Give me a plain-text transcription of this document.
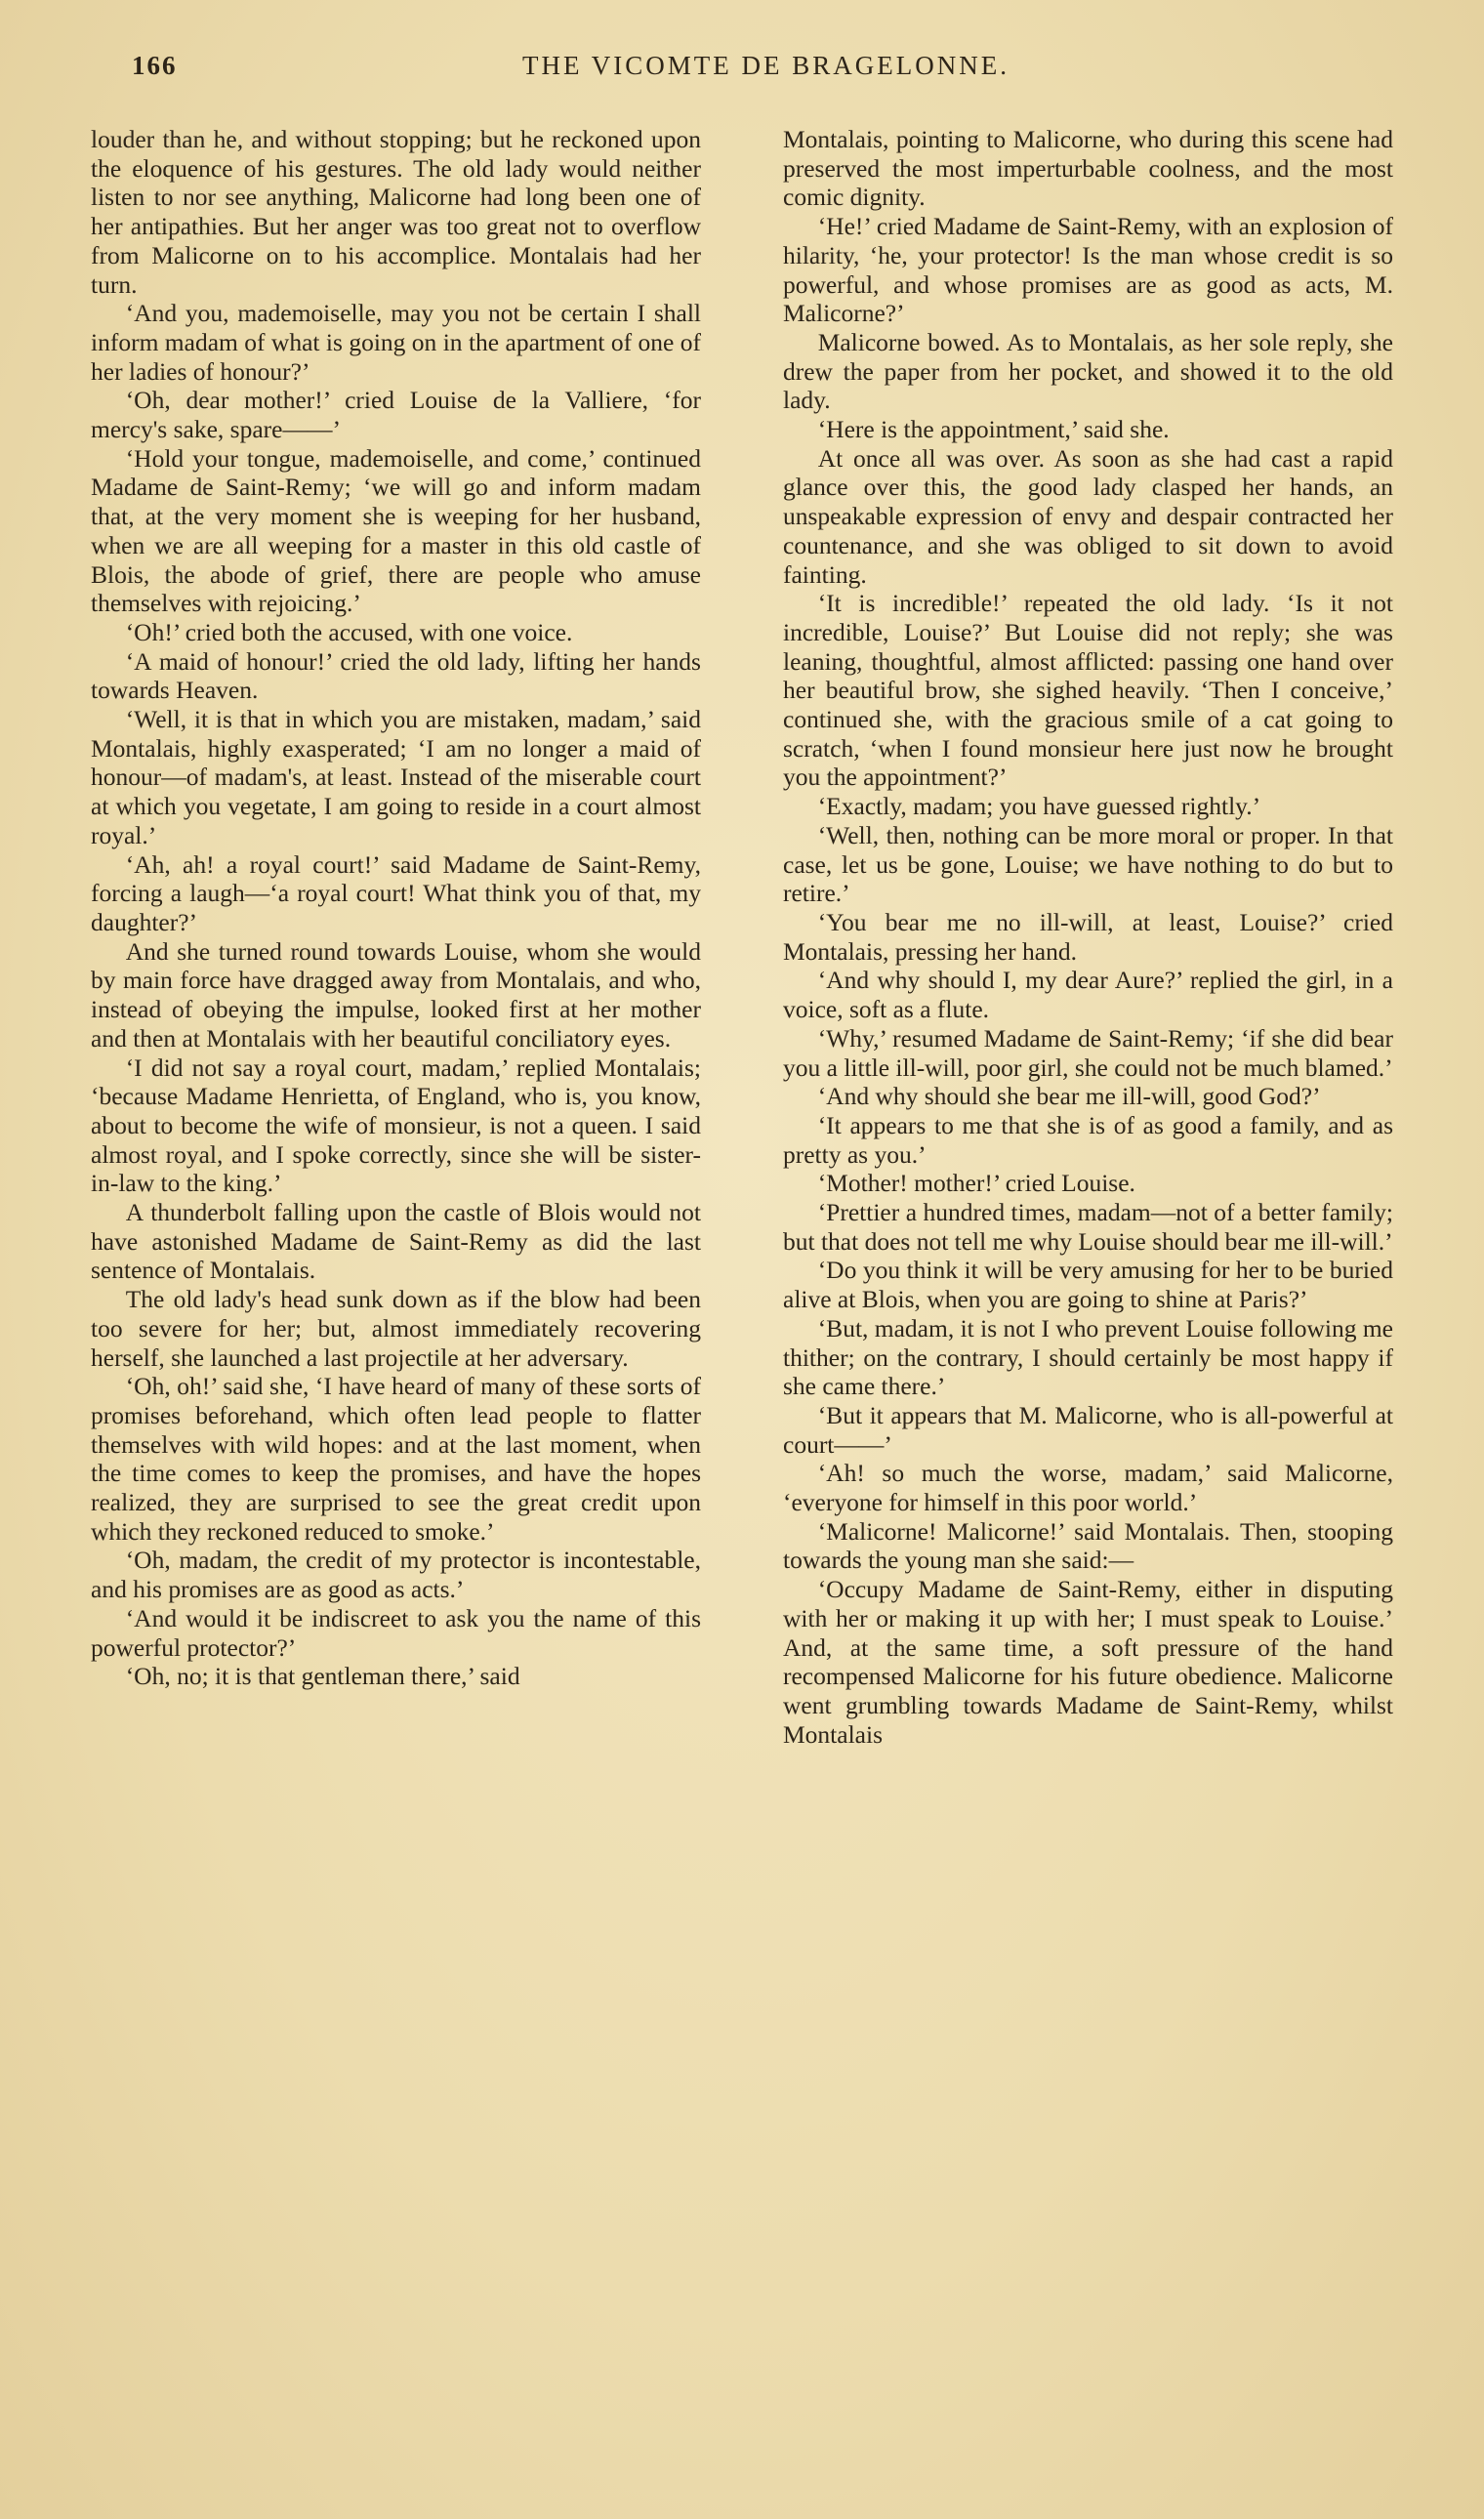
166	THE VICOMTE DE BRAGELONNE.

louder than he, and without stopping; but he reckoned upon the eloquence of his gestures. The old lady would neither listen to nor see anything, Malicorne had long been one of her antipathies. But her anger was too great not to overflow from Malicorne on to his accomplice. Montalais had her turn.

‘And you, mademoiselle, may you not be certain I shall inform madam of what is going on in the apartment of one of her ladies of honour?’

‘Oh, dear mother!’ cried Louise de la Valliere, ‘for mercy's sake, spare——’

‘Hold your tongue, mademoiselle, and come,’ continued Madame de Saint-Remy; ‘we will go and inform madam that, at the very moment she is weeping for her husband, when we are all weeping for a master in this old castle of Blois, the abode of grief, there are people who amuse themselves with rejoicing.’

‘Oh!’ cried both the accused, with one voice.

‘A maid of honour!’ cried the old lady, lifting her hands towards Heaven.

‘Well, it is that in which you are mistaken, madam,’ said Montalais, highly exasperated; ‘I am no longer a maid of honour—of madam's, at least. Instead of the miserable court at which you vegetate, I am going to reside in a court almost royal.’

‘Ah, ah! a royal court!’ said Madame de Saint-Remy, forcing a laugh—‘a royal court! What think you of that, my daughter?’

And she turned round towards Louise, whom she would by main force have dragged away from Montalais, and who, instead of obeying the impulse, looked first at her mother and then at Montalais with her beautiful conciliatory eyes.

‘I did not say a royal court, madam,’ replied Montalais; ‘because Madame Henrietta, of England, who is, you know, about to become the wife of monsieur, is not a queen. I said almost royal, and I spoke correctly, since she will be sister-in-law to the king.’

A thunderbolt falling upon the castle of Blois would not have astonished Madame de Saint-Remy as did the last sentence of Montalais.

The old lady's head sunk down as if the blow had been too severe for her; but, almost immediately recovering herself, she launched a last projectile at her adversary.

‘Oh, oh!’ said she, ‘I have heard of many of these sorts of promises beforehand, which often lead people to flatter themselves with wild hopes: and at the last moment, when the time comes to keep the promises, and have the hopes realized, they are surprised to see the great credit upon which they reckoned reduced to smoke.’

‘Oh, madam, the credit of my protector is incontestable, and his promises are as good as acts.’

‘And would it be indiscreet to ask you the name of this powerful protector?’

‘Oh, no; it is that gentleman there,’ said

Montalais, pointing to Malicorne, who during this scene had preserved the most imperturbable coolness, and the most comic dignity.

‘He!’ cried Madame de Saint-Remy, with an explosion of hilarity, ‘he, your protector! Is the man whose credit is so powerful, and whose promises are as good as acts, M. Malicorne?’

Malicorne bowed. As to Montalais, as her sole reply, she drew the paper from her pocket, and showed it to the old lady.

‘Here is the appointment,’ said she.

At once all was over. As soon as she had cast a rapid glance over this, the good lady clasped her hands, an unspeakable expression of envy and despair contracted her countenance, and she was obliged to sit down to avoid fainting.

‘It is incredible!’ repeated the old lady. ‘Is it not incredible, Louise?’ But Louise did not reply; she was leaning, thoughtful, almost afflicted: passing one hand over her beautiful brow, she sighed heavily. ‘Then I conceive,’ continued she, with the gracious smile of a cat going to scratch, ‘when I found monsieur here just now he brought you the appointment?’

‘Exactly, madam; you have guessed rightly.’

‘Well, then, nothing can be more moral or proper. In that case, let us be gone, Louise; we have nothing to do but to retire.’

‘You bear me no ill-will, at least, Louise?’ cried Montalais, pressing her hand.

‘And why should I, my dear Aure?’ replied the girl, in a voice, soft as a flute.

‘Why,’ resumed Madame de Saint-Remy; ‘if she did bear you a little ill-will, poor girl, she could not be much blamed.’

‘And why should she bear me ill-will, good God?’

‘It appears to me that she is of as good a family, and as pretty as you.’

‘Mother! mother!’ cried Louise.

‘Prettier a hundred times, madam—not of a better family; but that does not tell me why Louise should bear me ill-will.’

‘Do you think it will be very amusing for her to be buried alive at Blois, when you are going to shine at Paris?’

‘But, madam, it is not I who prevent Louise following me thither; on the contrary, I should certainly be most happy if she came there.’

‘But it appears that M. Malicorne, who is all-powerful at court——’

‘Ah! so much the worse, madam,’ said Malicorne, ‘everyone for himself in this poor world.’

‘Malicorne! Malicorne!’ said Montalais. Then, stooping towards the young man she said:—

‘Occupy Madame de Saint-Remy, either in disputing with her or making it up with her; I must speak to Louise.’ And, at the same time, a soft pressure of the hand recompensed Malicorne for his future obedience. Malicorne went grumbling towards Madame de Saint-Remy, whilst Montalais
